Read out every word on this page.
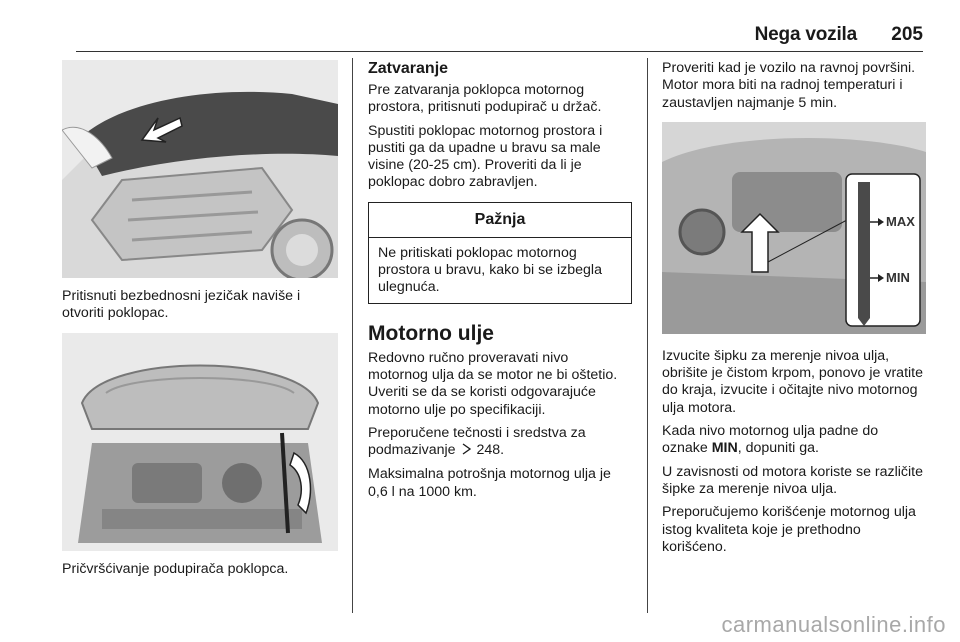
Nega vozila 205

Pritisnuti bezbednosni jezičak naviše i otvoriti poklopac.

Pričvršćivanje podupirača poklopca.

Zatvaranje

Pre zatvaranja poklopca motornog prostora, pritisnuti podupirač u držač.

Spustiti poklopac motornog prostora i pustiti ga da upadne u bravu sa male visine (20-25 cm). Proveriti da li je poklopac dobro zabravljen.

Pažnja
Ne pritiskati poklopac motornog prostora u bravu, kako bi se izbegla ulegnuća.
Motorno ulje

Redovno ručno proveravati nivo motornog ulja da se motor ne bi oštetio. Uveriti se da se koristi odgovarajuće motorno ulje po specifikaciji.

Preporučene tečnosti i sredstva za podmazivanje 248.

Maksimalna potrošnja motornog ulja je 0,6 l na 1000 km.

Proveriti kad je vozilo na ravnoj površini. Motor mora biti na radnoj temperaturi i zaustavljen najmanje 5 min.

MAX
MIN

Izvucite šipku za merenje nivoa ulja, obrišite je čistom krpom, ponovo je vratite do kraja, izvucite i očitajte nivo motornog ulja motora.

Kada nivo motornog ulja padne do oznake MIN, dopuniti ga.

U zavisnosti od motora koriste se različite šipke za merenje nivoa ulja.

Preporučujemo korišćenje motornog ulja istog kvaliteta koje je prethodno korišćeno.

carmanualsonline.info
